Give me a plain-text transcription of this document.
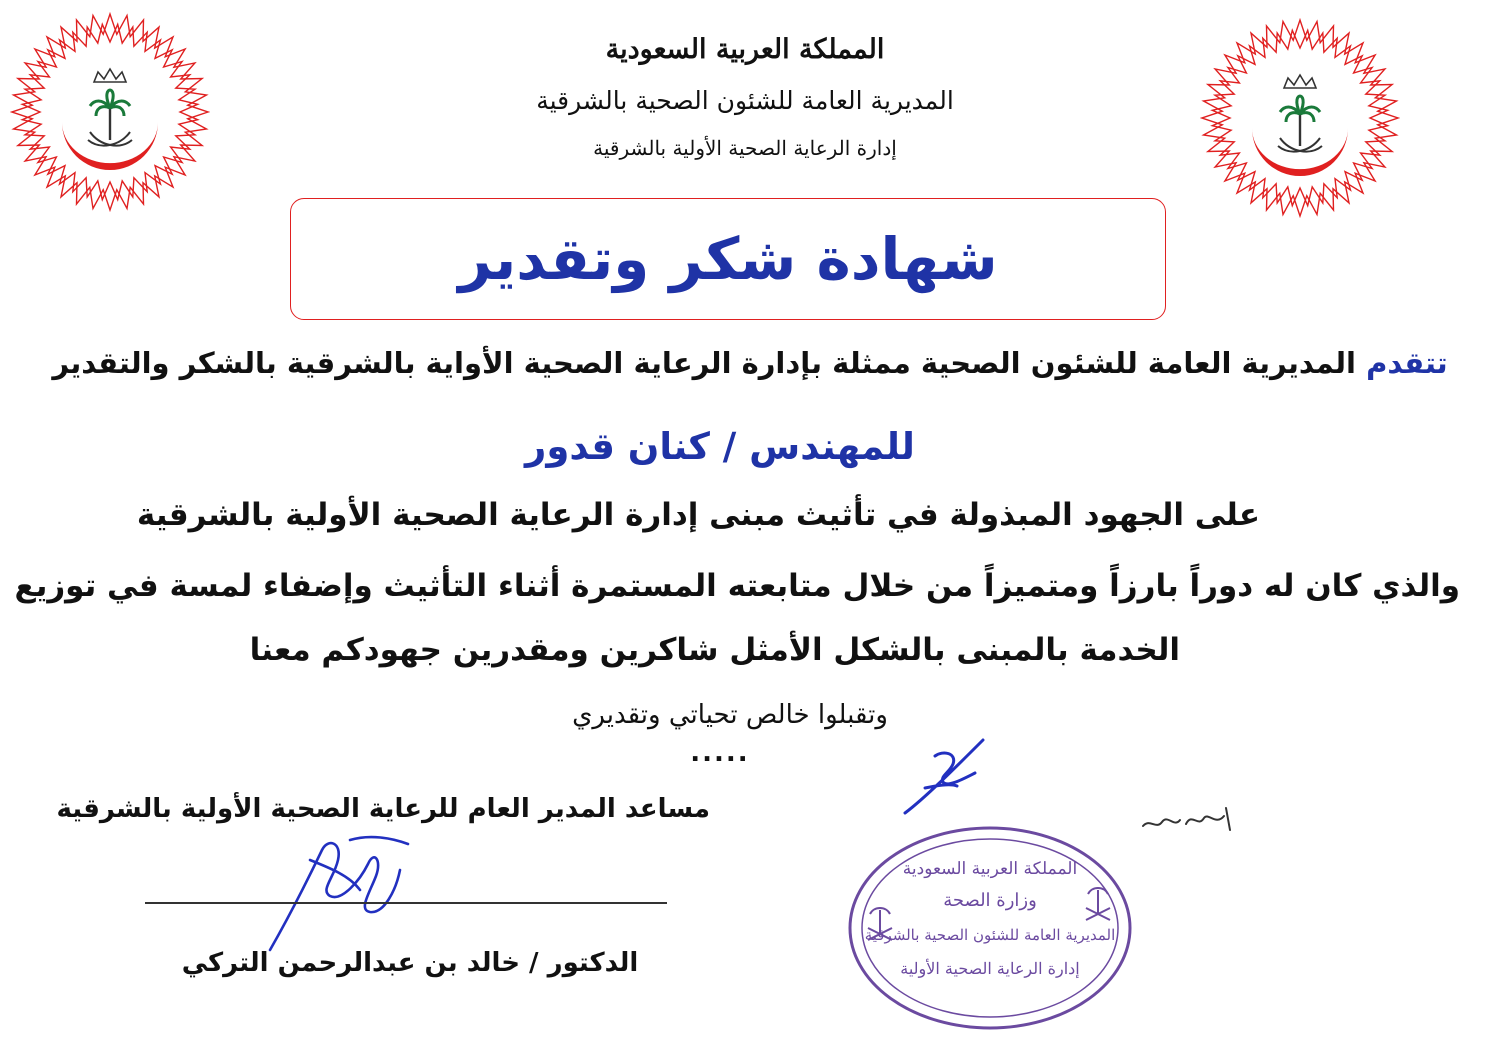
المملكة العربية السعودية
المديرية العامة للشئون الصحية بالشرقية
إدارة الرعاية الصحية الأولية بالشرقية
شهادة شكر وتقدير
تتقدم المديرية العامة للشئون الصحية ممثلة بإدارة الرعاية الصحية الأواية بالشرقية بالشكر والتقدير
للمهندس / كنان قدور
على الجهود المبذولة في تأثيث مبنى إدارة الرعاية الصحية الأولية بالشرقية
والذي كان له دوراً بارزاً ومتميزاً من خلال متابعته المستمرة أثناء التأثيث وإضفاء لمسة في توزيع
الخدمة بالمبنى بالشكل الأمثل شاكرين ومقدرين جهودكم معنا
وتقبلوا خالص تحياتي وتقديري
.....
مساعد المدير العام للرعاية الصحية الأولية بالشرقية
الدكتور / خالد بن عبدالرحمن التركي
المملكة العربية السعودية
وزارة الصحة
المديرية العامة للشئون الصحية بالشرقية
إدارة الرعاية الصحية الأولية
